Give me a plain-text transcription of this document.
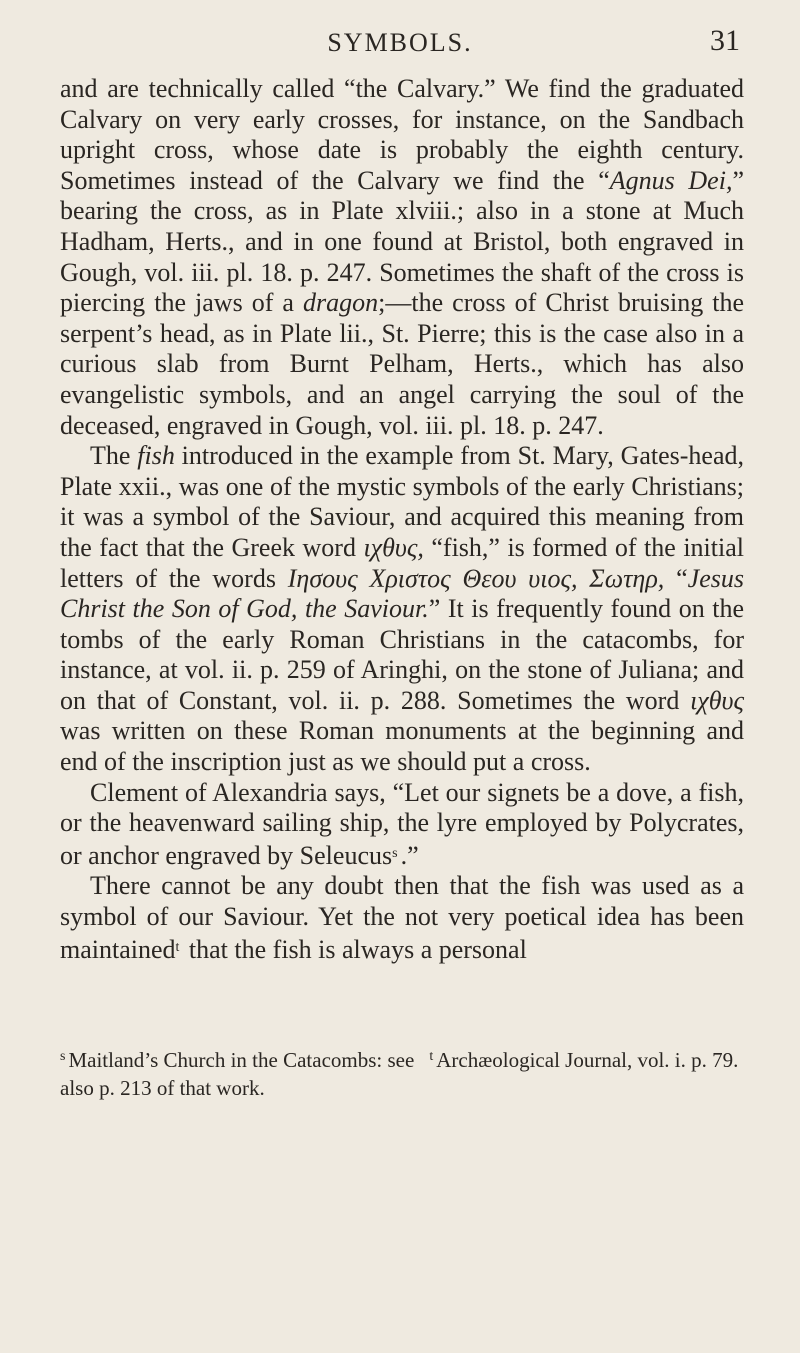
SYMBOLS.	31

and are technically called “the Calvary.” We find the graduated Calvary on very early crosses, for instance, on the Sandbach upright cross, whose date is probably the eighth century. Sometimes instead of the Calvary we find the “Agnus Dei,” bearing the cross, as in Plate xlviii.; also in a stone at Much Hadham, Herts., and in one found at Bristol, both engraved in Gough, vol. iii. pl. 18. p. 247. Sometimes the shaft of the cross is piercing the jaws of a dragon;—the cross of Christ bruising the serpent’s head, as in Plate lii., St. Pierre; this is the case also in a curious slab from Burnt Pelham, Herts., which has also evangelistic symbols, and an angel carrying the soul of the deceased, engraved in Gough, vol. iii. pl. 18. p. 247.

The fish introduced in the example from St. Mary, Gates-head, Plate xxii., was one of the mystic symbols of the early Christians; it was a symbol of the Saviour, and acquired this meaning from the fact that the Greek word ιχθυς, “fish,” is formed of the initial letters of the words Ιησους Χριστος Θεου υιος, Σωτηρ, “Jesus Christ the Son of God, the Saviour.” It is frequently found on the tombs of the early Roman Christians in the catacombs, for instance, at vol. ii. p. 259 of Aringhi, on the stone of Juliana; and on that of Constant, vol. ii. p. 288. Sometimes the word ιχθυς was written on these Roman monuments at the beginning and end of the inscription just as we should put a cross.

Clement of Alexandria says, “Let our signets be a dove, a fish, or the heavenward sailing ship, the lyre employed by Polycrates, or anchor engraved by Seleucus$^s$ .”

There cannot be any doubt then that the fish was used as a symbol of our Saviour. Yet the not very poetical idea has been maintained$^t$ that the fish is always a personal

$^s$ Maitland’s Church in the Catacombs: see also p. 213 of that work.
$^t$ Archæological Journal, vol. i. p. 79.
